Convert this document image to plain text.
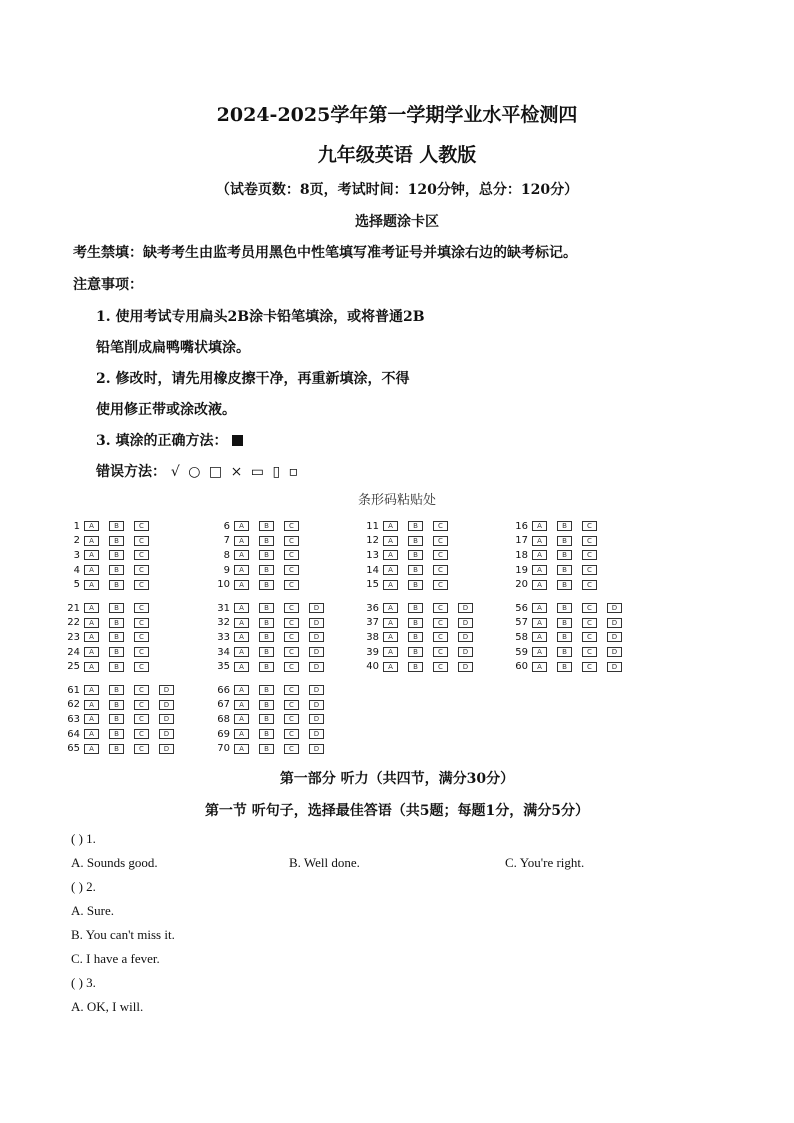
2024-2025学年第一学期学业水平检测四
九年级英语 人教版
（试卷页数：8页，考试时间：120分钟，总分：120分）
选择题涂卡区
考生禁填：缺考考生由监考员用黑色中性笔填写准考证号并填涂右边的缺考标记。
注意事项：
1. 使用考试专用扁头2B涂卡铅笔填涂，或将普通2B
铅笔削成扁鸭嘴状填涂。
2. 修改时，请先用橡皮擦干净，再重新填涂，不得
使用修正带或涂改液。
3. 填涂的正确方法：
错误方法： √ ○ □ × ▭ ▯ ▫
条形码粘贴处
1	A	B	C
2	A	B	C
3	A	B	C
4	A	B	C
5	A	B	C
6	A	B	C
7	A	B	C
8	A	B	C
9	A	B	C
10	A	B	C
11	A	B	C
12	A	B	C
13	A	B	C
14	A	B	C
15	A	B	C
16	A	B	C
17	A	B	C
18	A	B	C
19	A	B	C
20	A	B	C
21	A	B	C
22	A	B	C
23	A	B	C
24	A	B	C
25	A	B	C
31	A	B	C	D
32	A	B	C	D
33	A	B	C	D
34	A	B	C	D
35	A	B	C	D
36	A	B	C	D
37	A	B	C	D
38	A	B	C	D
39	A	B	C	D
40	A	B	C	D
56	A	B	C	D
57	A	B	C	D
58	A	B	C	D
59	A	B	C	D
60	A	B	C	D
61	A	B	C	D
62	A	B	C	D
63	A	B	C	D
64	A	B	C	D
65	A	B	C	D
66	A	B	C	D
67	A	B	C	D
68	A	B	C	D
69	A	B	C	D
70	A	B	C	D
第一部分 听力（共四节，满分30分）
第一节 听句子，选择最佳答语（共5题；每题1分，满分5分）
( ) 1.
A. Sounds good.	B. Well done.	C. You're right.
( ) 2.
A. Sure.
B. You can't miss it.
C. I have a fever.
( ) 3.
A. OK, I will.
